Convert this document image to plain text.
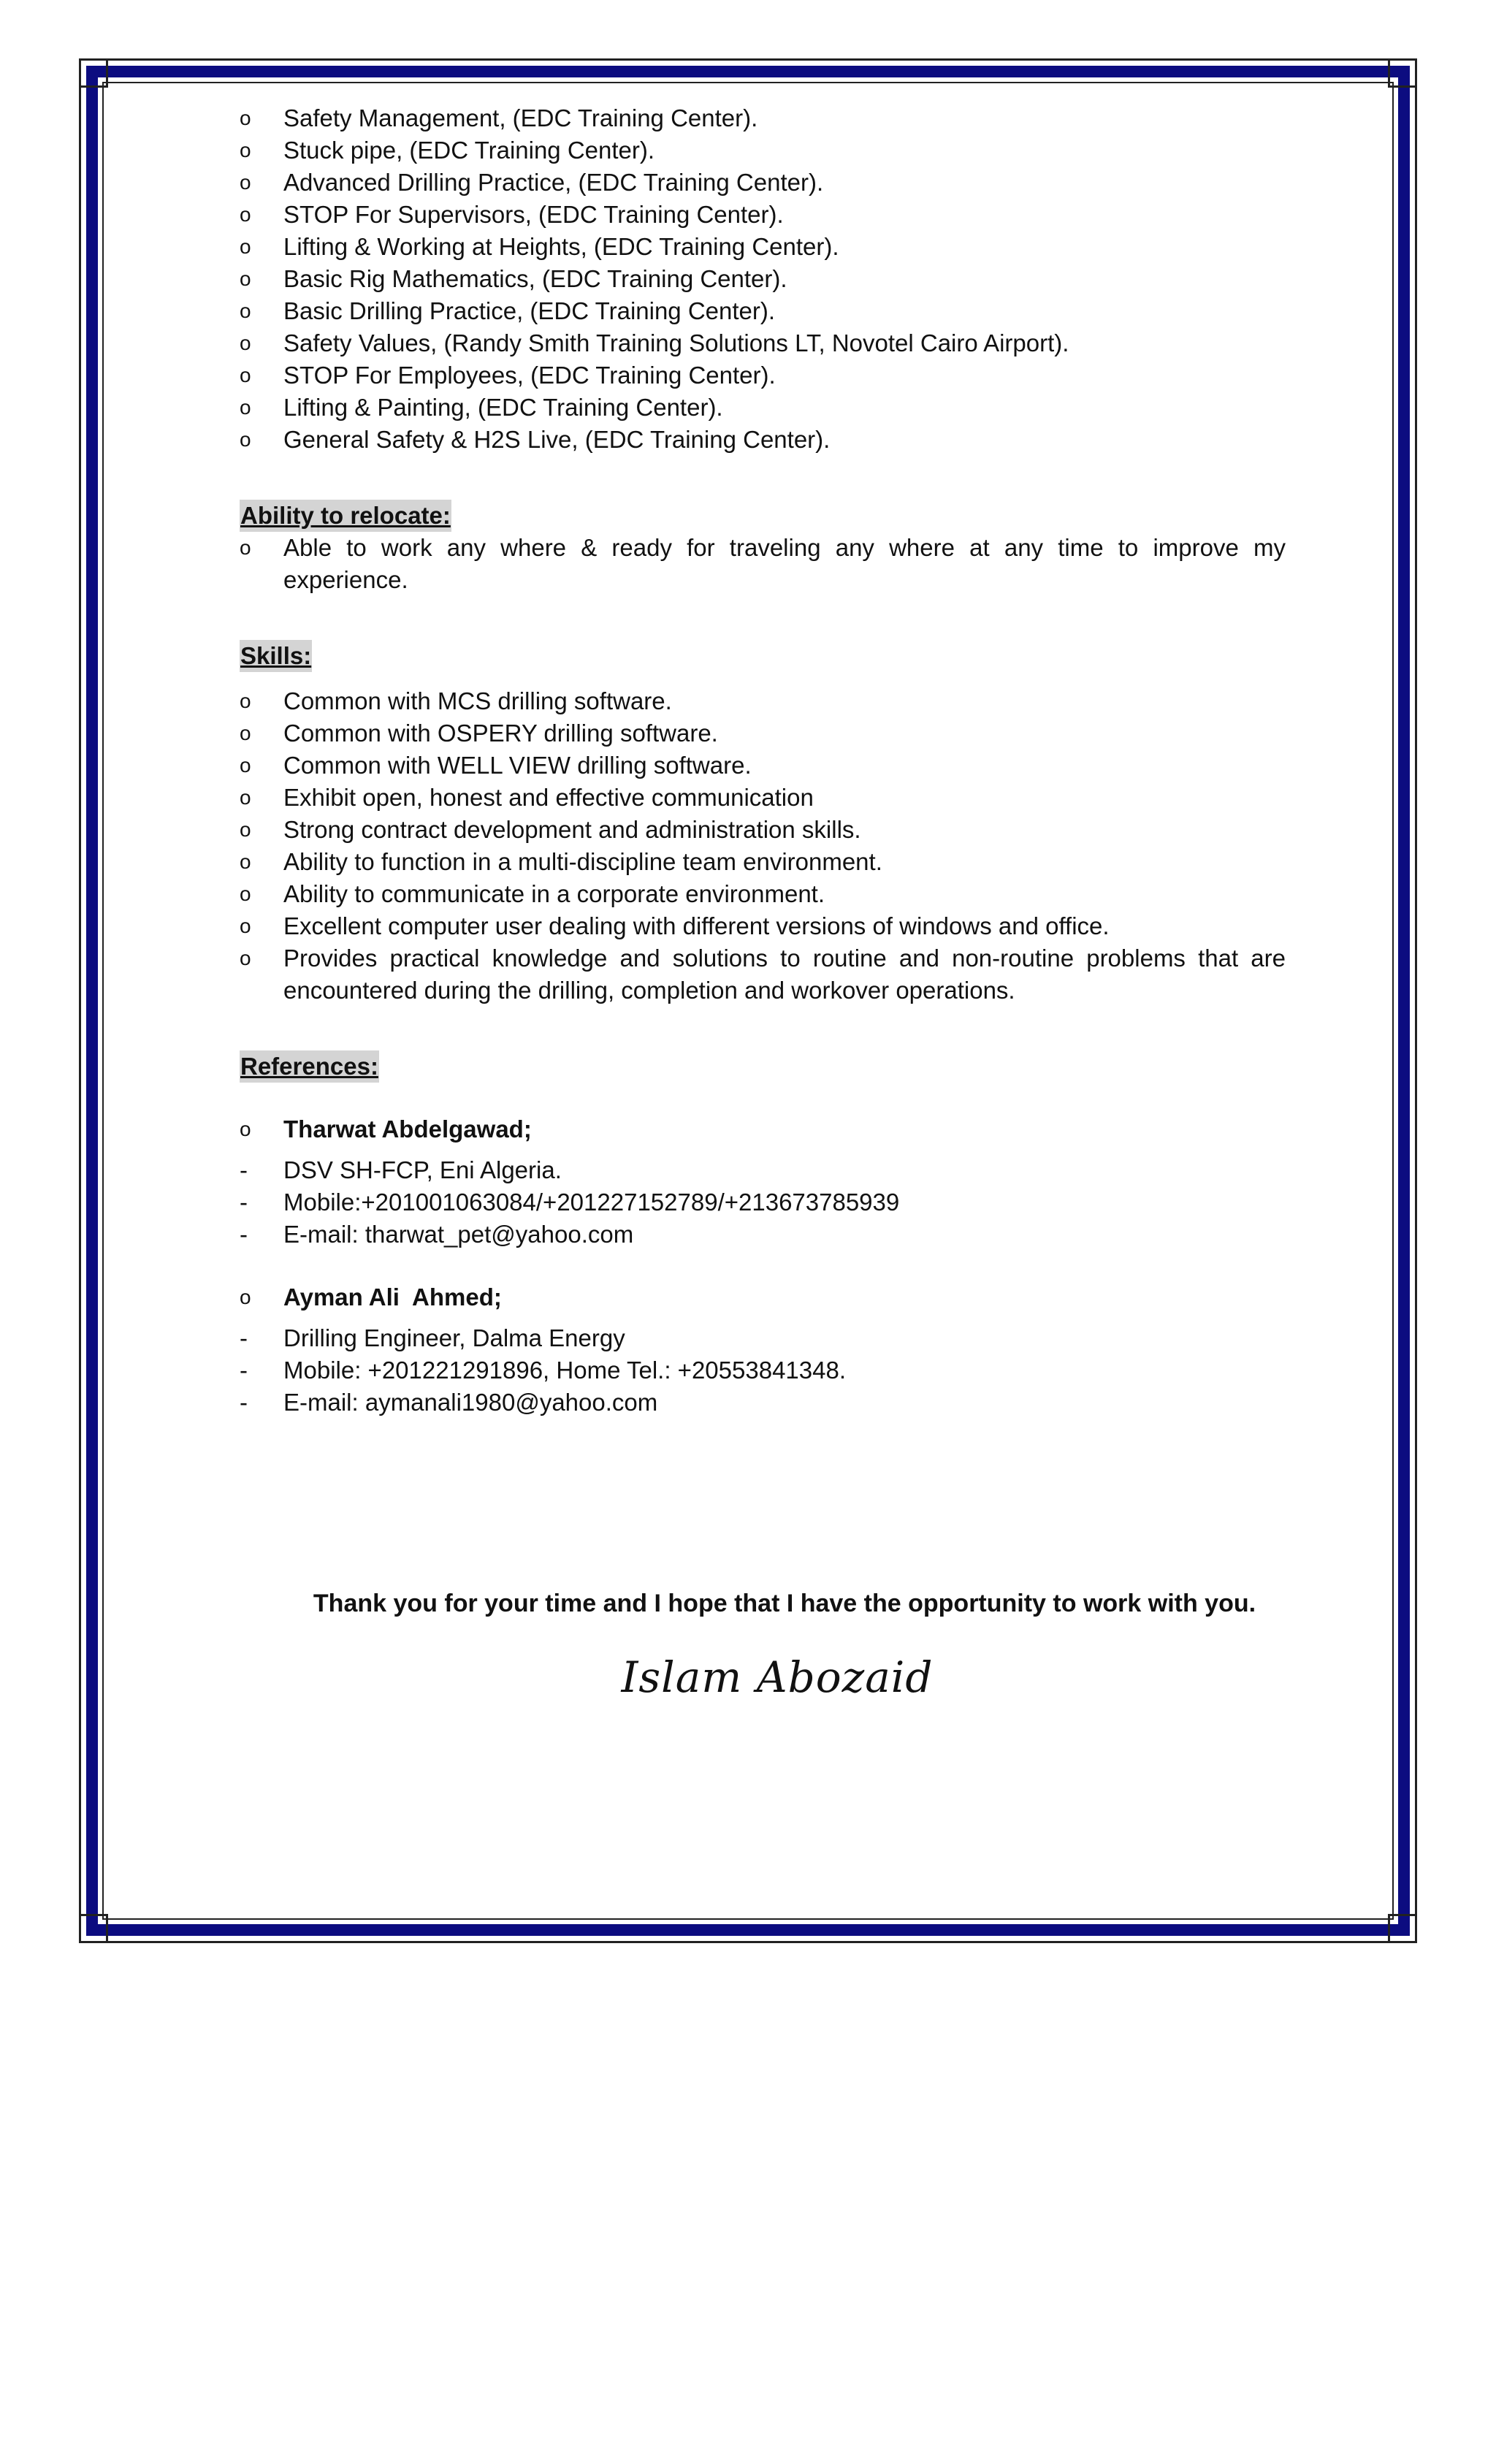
o Safety Management, (EDC Training Center).
o Stuck pipe, (EDC Training Center).
o Advanced Drilling Practice, (EDC Training Center).
o STOP For Supervisors, (EDC Training Center).
o Lifting & Working at Heights, (EDC Training Center).
o Basic Rig Mathematics, (EDC Training Center).
o Basic Drilling Practice, (EDC Training Center).
o Safety Values, (Randy Smith Training Solutions LT, Novotel Cairo Airport).
o STOP For Employees, (EDC Training Center).
o Lifting & Painting, (EDC Training Center).
o General Safety & H2S Live, (EDC Training Center).

Ability to relocate:

o Able to work any where & ready for traveling any where at any time to improve my experience.

Skills:

o Common with MCS drilling software.
o Common with OSPERY drilling software.
o Common with WELL VIEW drilling software.
o Exhibit open, honest and effective communication
o Strong contract development and administration skills.
o Ability to function in a multi-discipline team environment.
o Ability to communicate in a corporate environment.
o Excellent computer user dealing with different versions of windows and office.
o Provides practical knowledge and solutions to routine and non-routine problems that are encountered during the drilling, completion and workover operations.

References:

o Tharwat Abdelgawad;
- DSV SH-FCP, Eni Algeria.
- Mobile:+201001063084/+201227152789/+213673785939
- E-mail: tharwat_pet@yahoo.com
o Ayman Ali  Ahmed;
- Drilling Engineer, Dalma Energy
- Mobile: +201221291896, Home Tel.: +20553841348.
- E-mail: aymanali1980@yahoo.com
Thank you for your time and I hope that I have the opportunity to work with you.
Islam Abozaid
